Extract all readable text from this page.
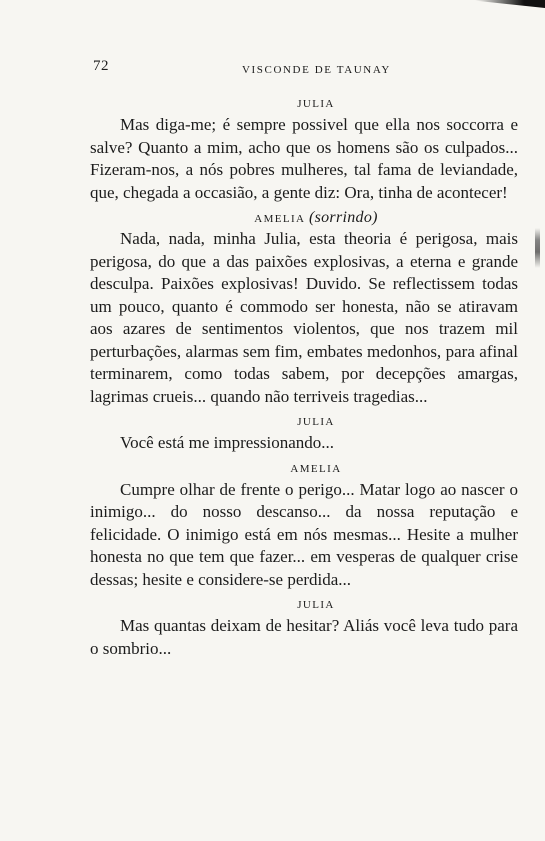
72	VISCONDE DE TAUNAY

JULIA

Mas diga-me; é sempre possivel que ella nos soccorra e salve? Quanto a mim, acho que os homens são os culpados... Fizeram-nos, a nós pobres mulheres, tal fama de leviandade, que, chegada a occasião, a gente diz: Ora, tinha de acontecer!

AMELIA (sorrindo)

Nada, nada, minha Julia, esta theoria é perigosa, mais perigosa, do que a das paixões explosivas, a eterna e grande desculpa. Paixões explosivas! Duvido. Se reflectissem todas um pouco, quanto é commodo ser honesta, não se atiravam aos azares de sentimentos violentos, que nos trazem mil perturbações, alarmas sem fim, embates medonhos, para afinal terminarem, como todas sabem, por decepções amargas, lagrimas crueis... quando não terriveis tragedias...

JULIA

Você está me impressionando...

AMELIA

Cumpre olhar de frente o perigo... Matar logo ao nascer o inimigo... do nosso descanso... da nossa reputação e felicidade. O inimigo está em nós mesmas... Hesite a mulher honesta no que tem que fazer... em vesperas de qualquer crise dessas; hesite e considere-se perdida...

JULIA

Mas quantas deixam de hesitar? Aliás você leva tudo para o sombrio...
